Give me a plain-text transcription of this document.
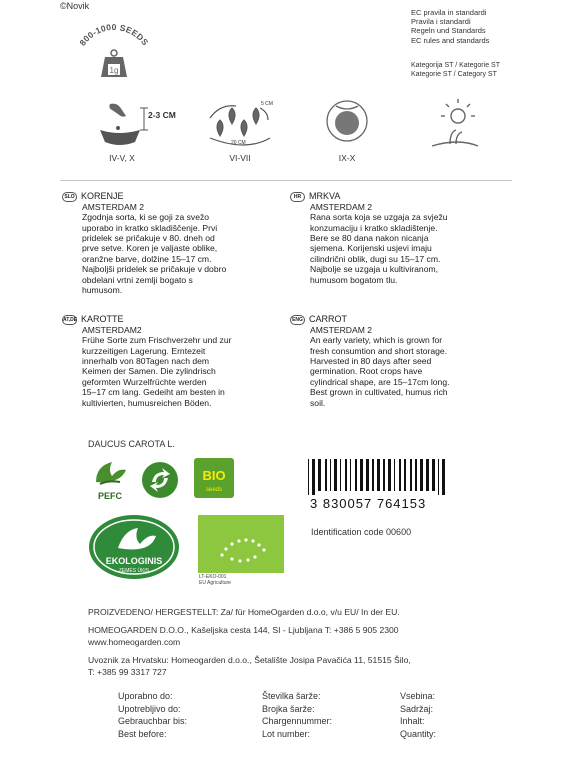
©Novik
EC pravila in standardi
Pravila i standardi
Regeln und Standards
EC rules and standards
Kategorija ST / Kategorie ST
Kategorie ST / Category ST
800-1000 SEEDS
1g
2-3 CM
IV-V, X
5 CM
20 CM
VI-VII	IX-X
SLO KORENJE
AMSTERDAM 2
Zgodnja sorta, ki se goji za svežo
uporabo in kratko skladiščenje. Prvi
pridelek se pričakuje v 80. dneh od
prve setve. Koren je valjaste oblike,
oranžne barve, dolžine 15–17 cm.
Najboljši pridelek se pričakuje v dobro
obdelani vrtni zemlji bogato s
humusom.
HR MRKVA
AMSTERDAM 2
Rana sorta koja se uzgaja za svježu
konzumaciju i kratko skladištenje.
Bere se 80 dana nakon nicanja
sjemena. Korijenski usjevi imaju
cilindrični oblik, dugi su 15–17 cm.
Najbolje se uzgaja u kultiviranom,
humusom bogatom tlu.
AT,DE KAROTTE
AMSTERDAM2
Frühe Sorte zum Frischverzehr und zur
kurzzeitigen Lagerung. Erntezeit
innerhalb von 80Tagen nach dem
Keimen der Samen. Die zylindrisch
geformten Wurzelfrüchte werden
15–17 cm lang. Gedeiht am besten in
kultivierten, humusreichen Böden.
ENG CARROT
AMSTERDAM 2
An early variety, which is grown for
fresh consumtion and short storage.
Harvested in 80 days after seed
germination. Root crops have
cylindrical shape, are 15–17cm long.
Best grown in cultivated, humus rich
soil.
DAUCUS CAROTA L.
PEFC
BIO
seeds
3 830057 764153
Identification code 00600
EKOLOGINIS
ZEMĖS ŪKIS
LT-EKO-001
EU Agriculture
PROIZVEDENO/ HERGESTELLT: Za/ für HomeOgarden d.o.o, v/u EU/ In der EU.
HOMEOGARDEN D.O.O., Kašeljska cesta 144, SI - Ljubljana T: +386 5 905 2300
www.homeogarden.com
Uvoznik za Hrvatsku: Homeogarden d.o.o., Šetalište Josipa Pavačića 11, 51515 Šilo,
T: +385 99 3317 727
Uporabno do:
Upotrebljivo do:
Gebrauchbar bis:
Best before:
Številka šarže:
Brojka šarže:
Chargennummer:
Lot number:
Vsebina:
Sadržaj:
Inhalt:
Quantity:
